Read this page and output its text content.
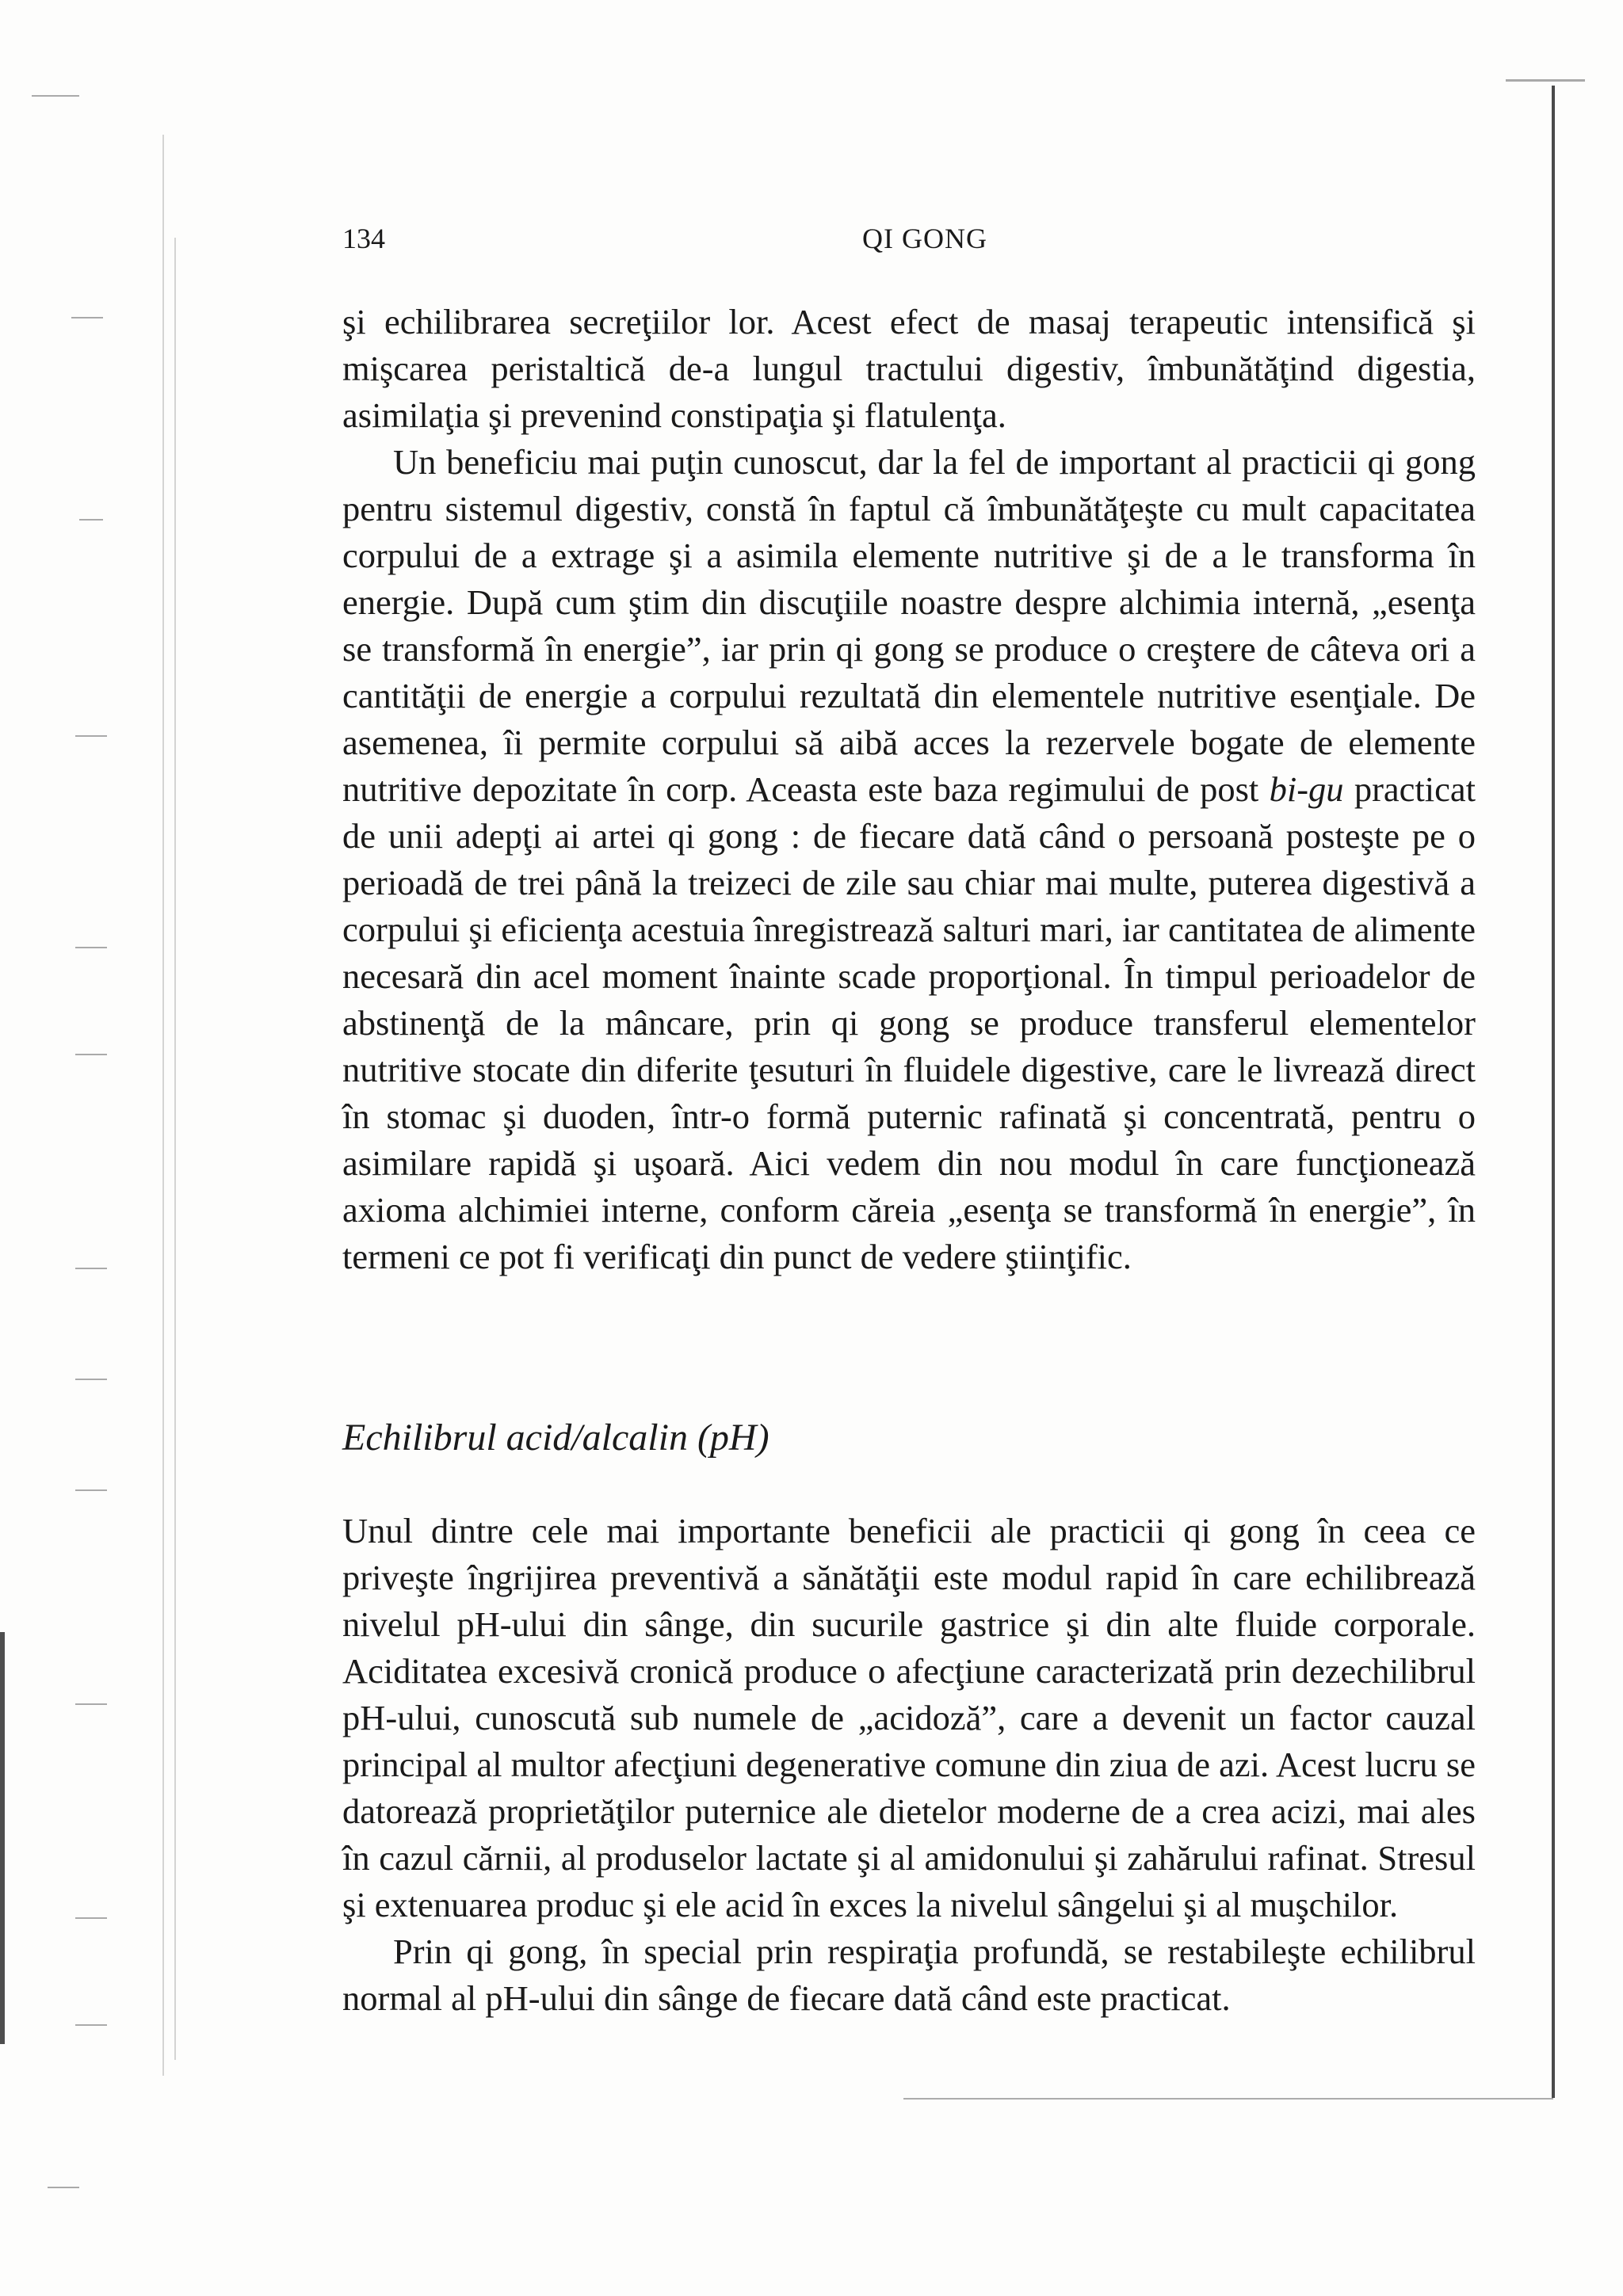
134	QI GONG

şi echilibrarea secreţiilor lor. Acest efect de masaj terapeutic intensifică şi mişcarea peristaltică de-a lungul tractului digestiv, îmbunătăţind digestia, asimilaţia şi prevenind constipaţia şi flatulenţa.

Un beneficiu mai puţin cunoscut, dar la fel de important al practicii qi gong pentru sistemul digestiv, constă în faptul că îmbunătăţeşte cu mult capacitatea corpului de a extrage şi a asimila elemente nutritive şi de a le transforma în energie. După cum ştim din discuţiile noastre despre alchimia internă, „esenţa se transformă în energie”, iar prin qi gong se produce o creştere de câteva ori a cantităţii de energie a corpului rezultată din elementele nutritive esenţiale. De asemenea, îi permite corpului să aibă acces la rezervele bogate de elemente nutritive depozitate în corp. Aceasta este baza regimului de post bi-gu practicat de unii adepţi ai artei qi gong : de fiecare dată când o persoană posteşte pe o perioadă de trei până la treizeci de zile sau chiar mai multe, puterea digestivă a corpului şi eficienţa acestuia înregistrează salturi mari, iar cantitatea de alimente necesară din acel moment înainte scade proporţional. În timpul perioadelor de abstinenţă de la mâncare, prin qi gong se produce transferul elementelor nutritive stocate din diferite ţesuturi în fluidele digestive, care le livrează direct în stomac şi duoden, într-o formă puternic rafinată şi concentrată, pentru o asimilare rapidă şi uşoară. Aici vedem din nou modul în care funcţionează axioma alchimiei interne, conform căreia „esenţa se transformă în energie”, în termeni ce pot fi verificaţi din punct de vedere ştiinţific.

Echilibrul acid/alcalin (pH)

Unul dintre cele mai importante beneficii ale practicii qi gong în ceea ce priveşte îngrijirea preventivă a sănătăţii este modul rapid în care echilibrează nivelul pH-ului din sânge, din sucurile gastrice şi din alte fluide corporale. Aciditatea excesivă cronică produce o afecţiune caracterizată prin dezechilibrul pH-ului, cunoscută sub numele de „acidoză”, care a devenit un factor cauzal principal al multor afecţiuni degenerative comune din ziua de azi. Acest lucru se datorează proprietăţilor puternice ale dietelor moderne de a crea acizi, mai ales în cazul cărnii, al produselor lactate şi al amidonului şi zahărului rafinat. Stresul şi extenuarea produc şi ele acid în exces la nivelul sângelui şi al muşchilor.

Prin qi gong, în special prin respiraţia profundă, se restabileşte echilibrul normal al pH-ului din sânge de fiecare dată când este practicat.
